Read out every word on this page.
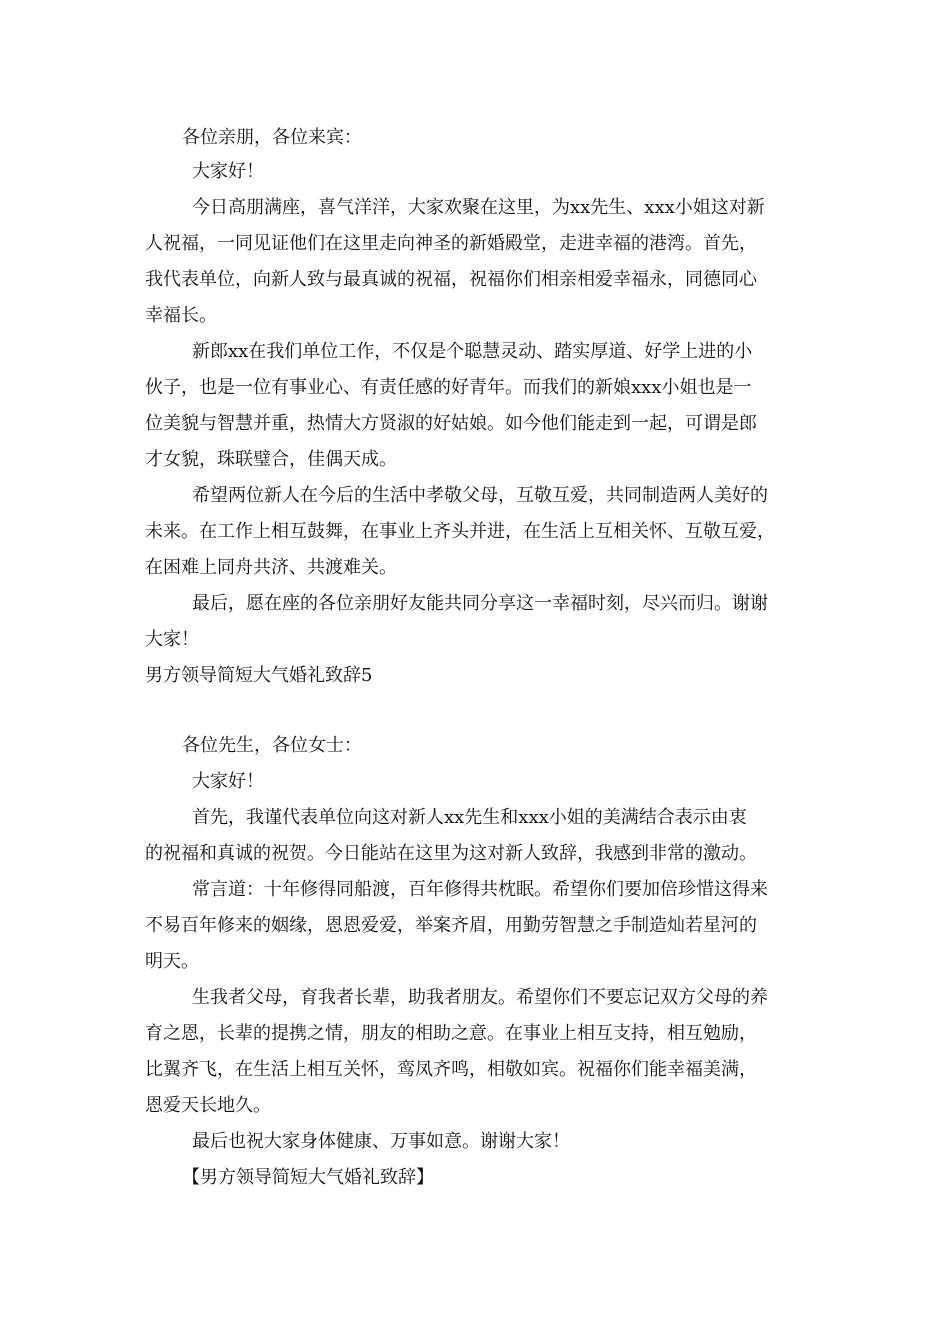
各位亲朋，各位来宾：
大家好！
今日高朋满座，喜气洋洋，大家欢聚在这里，为xx先生、xxx小姐这对新
人祝福，一同见证他们在这里走向神圣的新婚殿堂，走进幸福的港湾。首先，
我代表单位，向新人致与最真诚的祝福，祝福你们相亲相爱幸福永，同德同心
幸福长。
新郎xx在我们单位工作，不仅是个聪慧灵动、踏实厚道、好学上进的小
伙子，也是一位有事业心、有责任感的好青年。而我们的新娘xxx小姐也是一
位美貌与智慧并重，热情大方贤淑的好姑娘。如今他们能走到一起，可谓是郎
才女貌，珠联璧合，佳偶天成。
希望两位新人在今后的生活中孝敬父母，互敬互爱，共同制造两人美好的
未来。在工作上相互鼓舞，在事业上齐头并进，在生活上互相关怀、互敬互爱，
在困难上同舟共济、共渡难关。
最后，愿在座的各位亲朋好友能共同分享这一幸福时刻，尽兴而归。谢谢
大家！
男方领导简短大气婚礼致辞5
各位先生，各位女士：
大家好！
首先，我谨代表单位向这对新人xx先生和xxx小姐的美满结合表示由衷
的祝福和真诚的祝贺。今日能站在这里为这对新人致辞，我感到非常的激动。
常言道：十年修得同船渡，百年修得共枕眠。希望你们要加倍珍惜这得来
不易百年修来的姻缘，恩恩爱爱，举案齐眉，用勤劳智慧之手制造灿若星河的
明天。
生我者父母，育我者长辈，助我者朋友。希望你们不要忘记双方父母的养
育之恩，长辈的提携之情，朋友的相助之意。在事业上相互支持，相互勉励，
比翼齐飞，在生活上相互关怀，鸾凤齐鸣，相敬如宾。祝福你们能幸福美满，
恩爱天长地久。
最后也祝大家身体健康、万事如意。谢谢大家！
【男方领导简短大气婚礼致辞】
